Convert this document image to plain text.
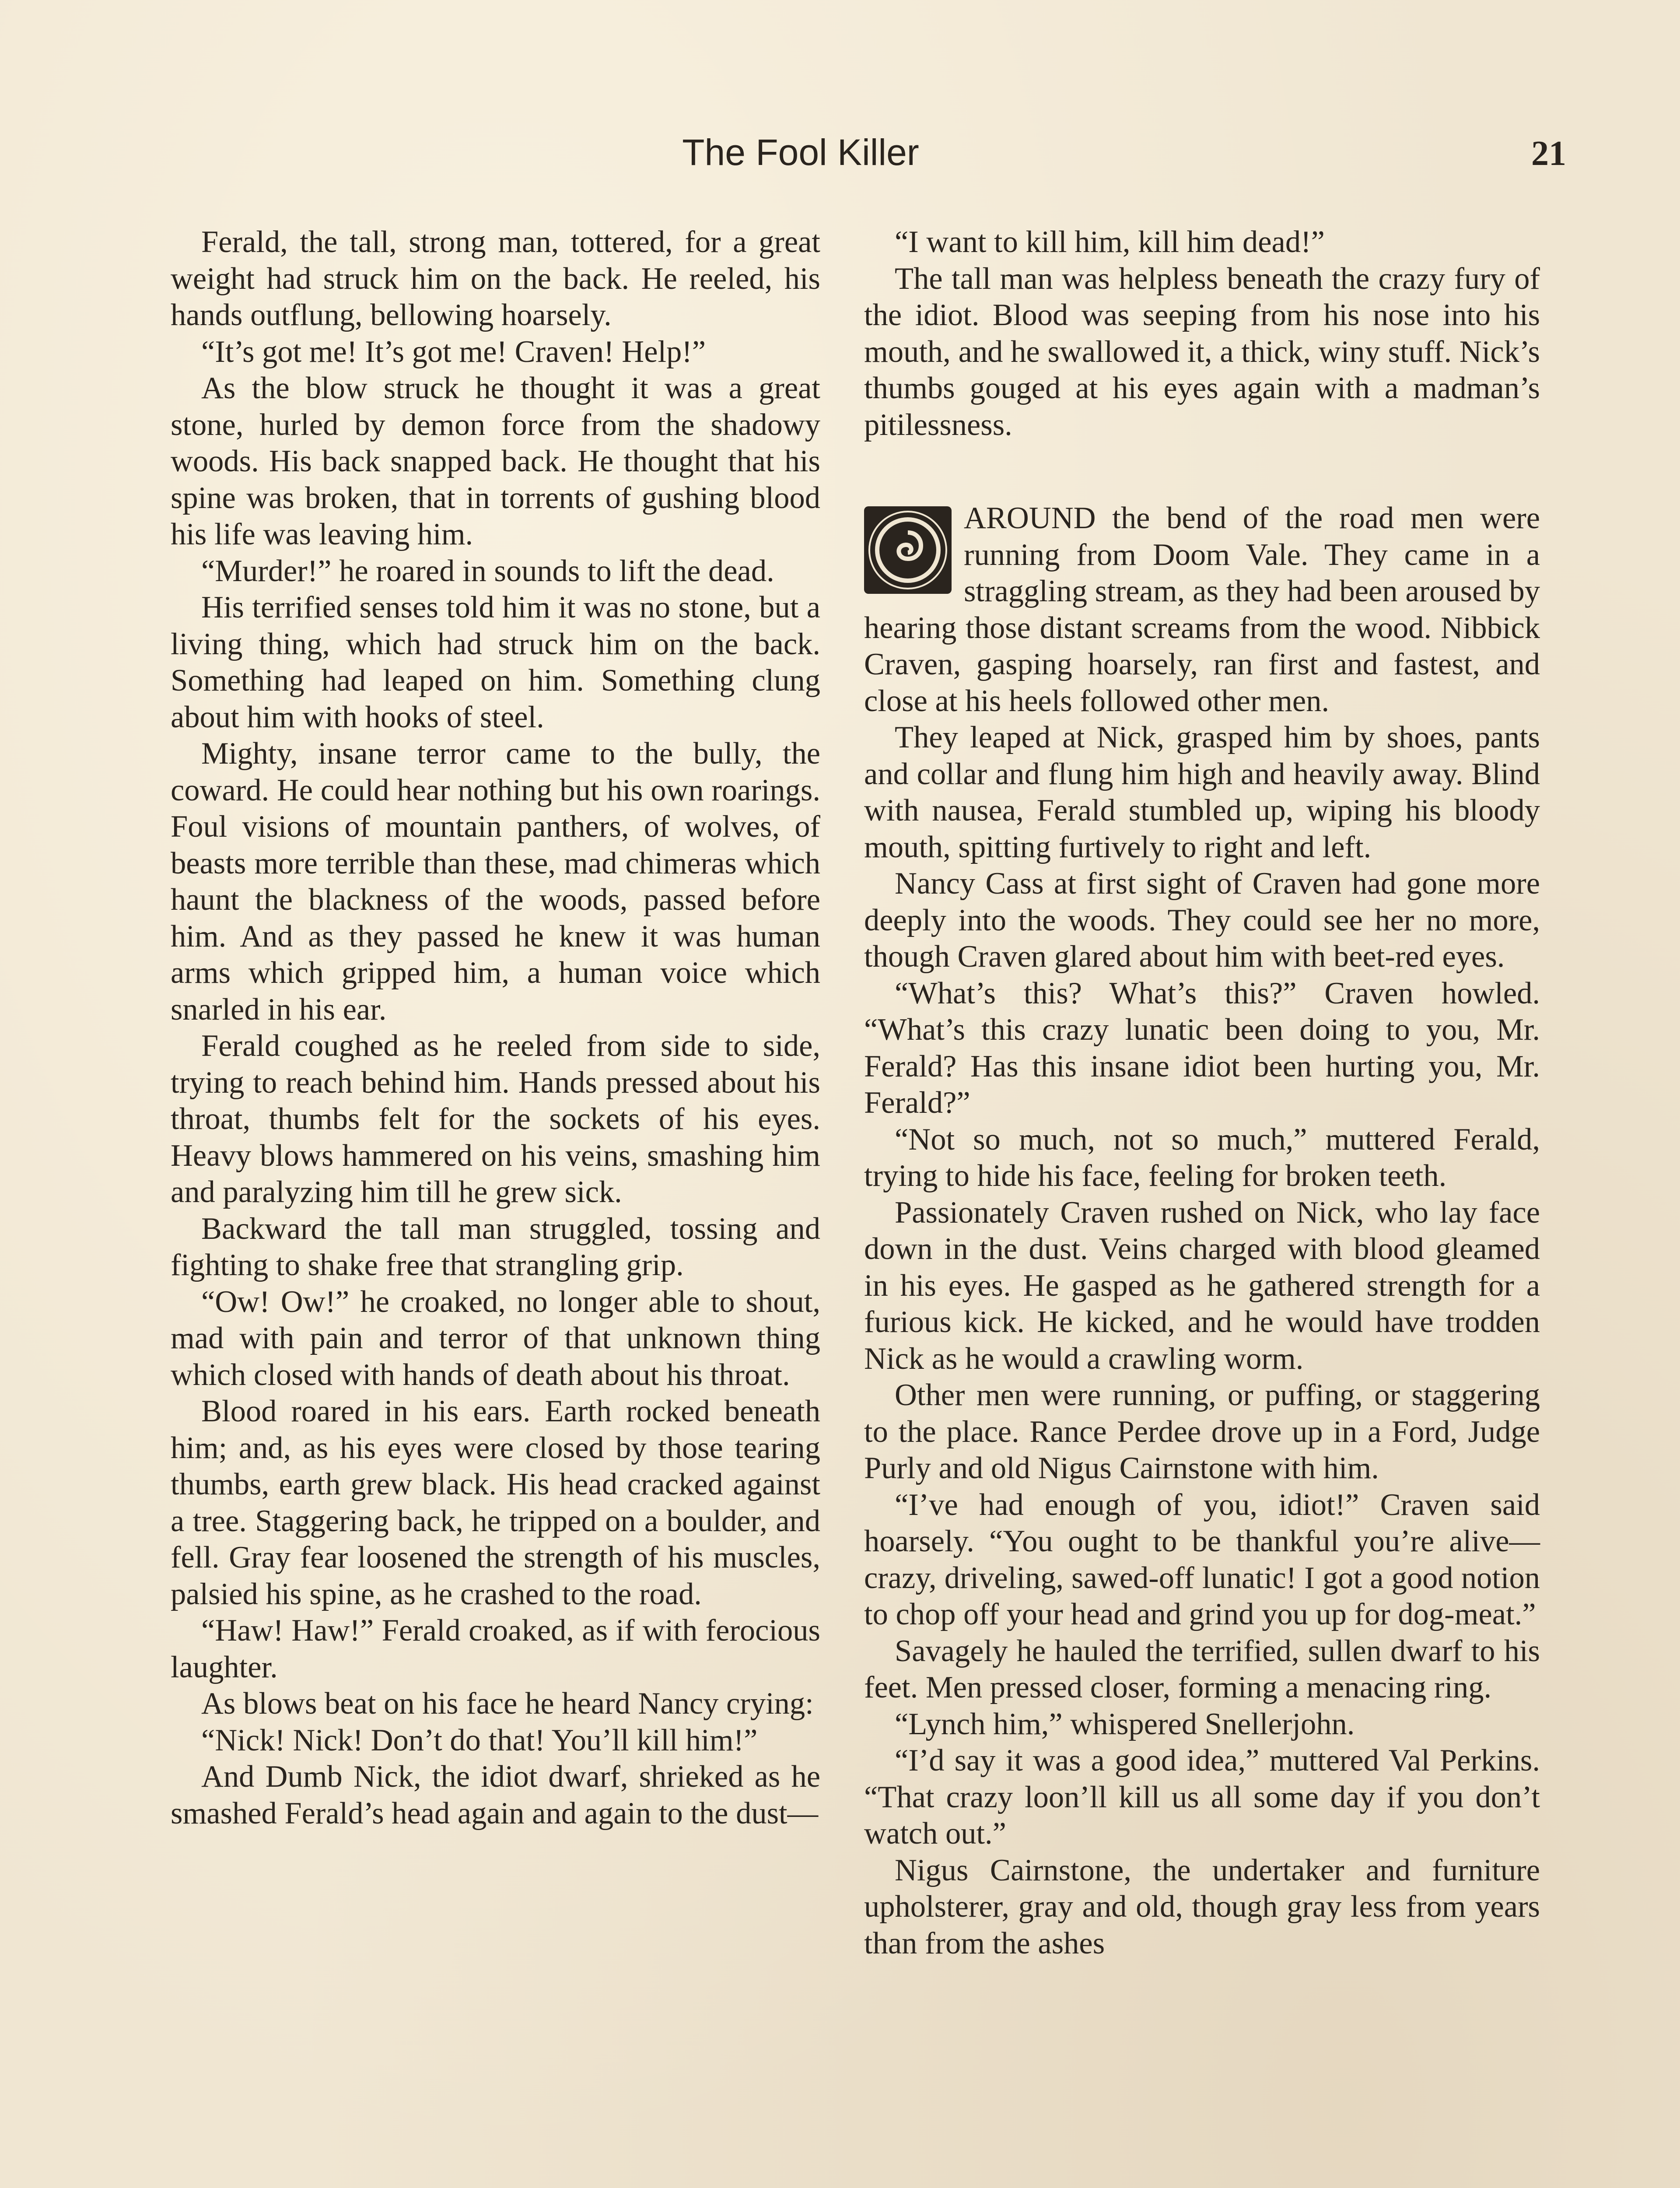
The Fool Killer	21

Ferald, the tall, strong man, tottered, for a great weight had struck him on the back. He reeled, his hands outflung, bellowing hoarsely.

“It’s got me! It’s got me! Craven! Help!”

As the blow struck he thought it was a great stone, hurled by demon force from the shadowy woods. His back snapped back. He thought that his spine was broken, that in torrents of gushing blood his life was leaving him.

“Murder!” he roared in sounds to lift the dead.

His terrified senses told him it was no stone, but a living thing, which had struck him on the back. Something had leaped on him. Something clung about him with hooks of steel.

Mighty, insane terror came to the bully, the coward. He could hear nothing but his own roarings. Foul visions of mountain panthers, of wolves, of beasts more terrible than these, mad chimeras which haunt the blackness of the woods, passed before him. And as they passed he knew it was human arms which gripped him, a human voice which snarled in his ear.

Ferald coughed as he reeled from side to side, trying to reach behind him. Hands pressed about his throat, thumbs felt for the sockets of his eyes. Heavy blows hammered on his veins, smashing him and paralyzing him till he grew sick.

Backward the tall man struggled, tossing and fighting to shake free that strangling grip.

“Ow! Ow!” he croaked, no longer able to shout, mad with pain and terror of that unknown thing which closed with hands of death about his throat.

Blood roared in his ears. Earth rocked beneath him; and, as his eyes were closed by those tearing thumbs, earth grew black. His head cracked against a tree. Staggering back, he tripped on a boulder, and fell. Gray fear loosened the strength of his muscles, palsied his spine, as he crashed to the road.

“Haw! Haw!” Ferald croaked, as if with ferocious laughter.

As blows beat on his face he heard Nancy crying:

“Nick! Nick! Don’t do that! You’ll kill him!”

And Dumb Nick, the idiot dwarf, shrieked as he smashed Ferald’s head again and again to the dust—

“I want to kill him, kill him dead!”

The tall man was helpless beneath the crazy fury of the idiot. Blood was seeping from his nose into his mouth, and he swallowed it, a thick, winy stuff. Nick’s thumbs gouged at his eyes again with a madman’s pitilessness.

AROUND the bend of the road men were running from Doom Vale. They came in a straggling stream, as they had been aroused by hearing those distant screams from the wood. Nibbick Craven, gasping hoarsely, ran first and fastest, and close at his heels followed other men.

They leaped at Nick, grasped him by shoes, pants and collar and flung him high and heavily away. Blind with nausea, Ferald stumbled up, wiping his bloody mouth, spitting furtively to right and left.

Nancy Cass at first sight of Craven had gone more deeply into the woods. They could see her no more, though Craven glared about him with beet-red eyes.

“What’s this? What’s this?” Craven howled. “What’s this crazy lunatic been doing to you, Mr. Ferald? Has this insane idiot been hurting you, Mr. Ferald?”

“Not so much, not so much,” muttered Ferald, trying to hide his face, feeling for broken teeth.

Passionately Craven rushed on Nick, who lay face down in the dust. Veins charged with blood gleamed in his eyes. He gasped as he gathered strength for a furious kick. He kicked, and he would have trodden Nick as he would a crawling worm.

Other men were running, or puffing, or staggering to the place. Rance Perdee drove up in a Ford, Judge Purly and old Nigus Cairnstone with him.

“I’ve had enough of you, idiot!” Craven said hoarsely. “You ought to be thankful you’re alive—crazy, driveling, sawed-off lunatic! I got a good notion to chop off your head and grind you up for dog-meat.”

Savagely he hauled the terrified, sullen dwarf to his feet. Men pressed closer, forming a menacing ring.

“Lynch him,” whispered Snellerjohn.

“I’d say it was a good idea,” muttered Val Perkins. “That crazy loon’ll kill us all some day if you don’t watch out.”

Nigus Cairnstone, the undertaker and furniture upholsterer, gray and old, though gray less from years than from the ashes
